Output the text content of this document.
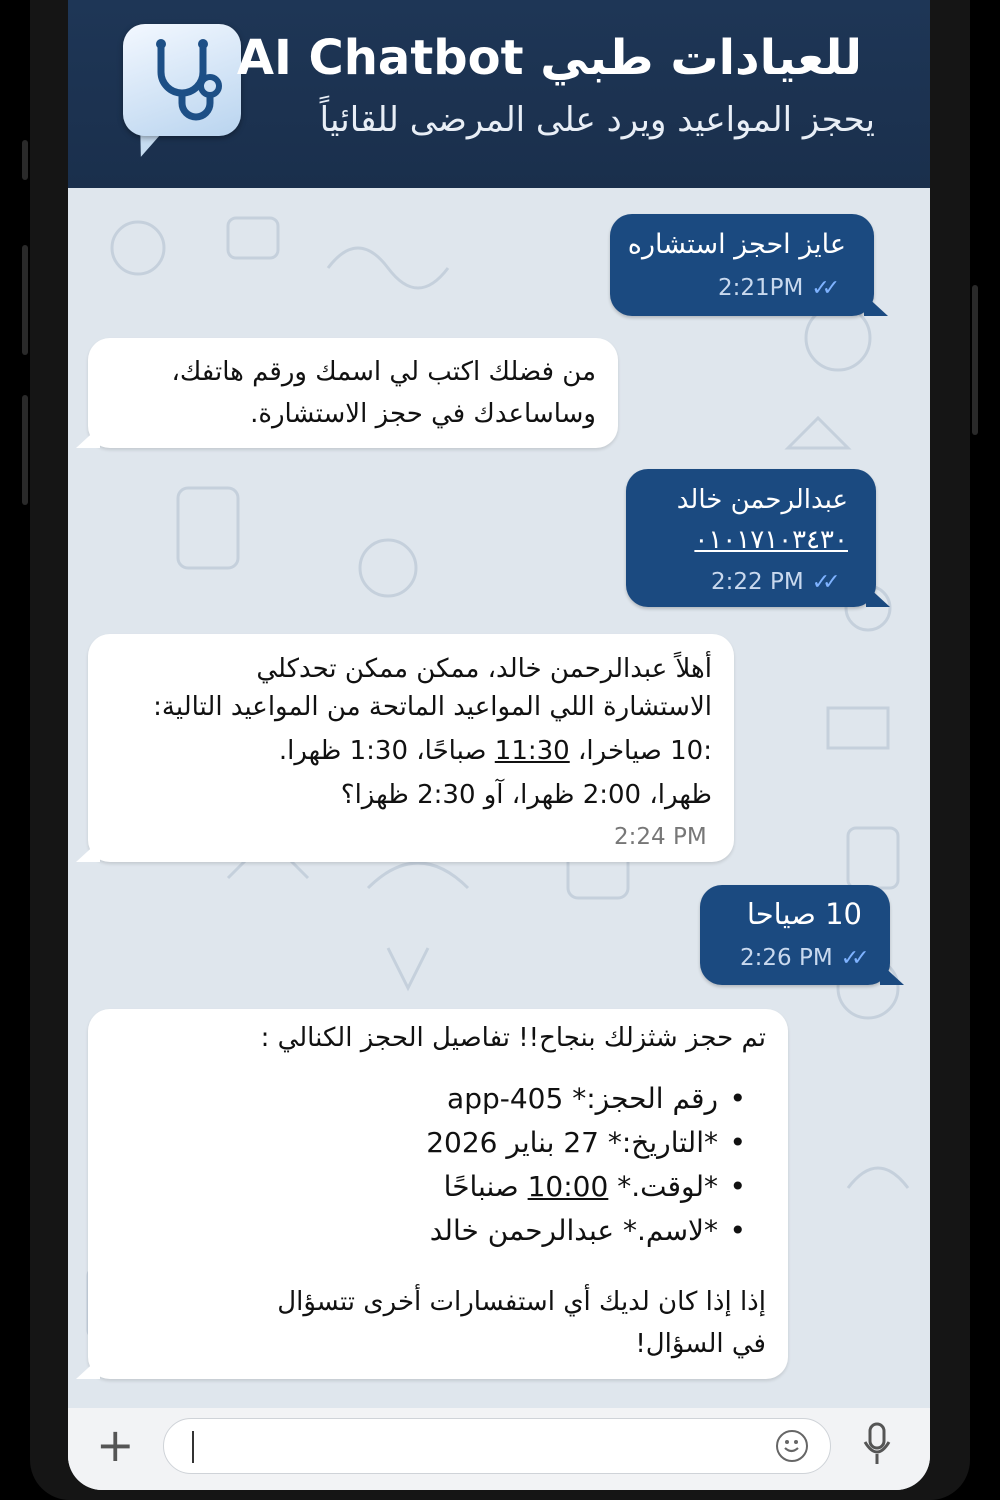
AI Chatbot للعيادات طبي
يحجز المواعيد ويرد على المرضى للقائياً
عايز احجز استشاره
2:21PM ✓✓
من فضلك اكتب لي اسمك ورقم هاتفك،
وساساعدك في حجز الاستشارة.
عبدالرحمن خالد
٠١٠١٧١٠٣٤٣٠
2:22 PM ✓✓
أهلاً عبدالرحمن خالد، ممكن ممكن تحدكلي
الاستشارة اللي المواعيد الماتحة من المواعيد التالية:
:10 صياخرا، 11:30 صباحًا، 1:30 ظهرا.
ظهرا، 2:00 ظهرا، آو 2:30 ظهزا؟
2:24 PM
10 صياحا
2:26 PM ✓✓
تم حجز شثزلك بنجاح!! تفاصيل الحجز الكنالي :
• رقم الحجز:* app-405
• *التاريخ:* 27 بناير 2026
• *لوقت.* 10:00 صنباحًا
• *لاسم.* عبدالرحمن خالد
إذا إذا كان لديك أي استفسارات أخرى تتسؤال
في السؤال!
+
